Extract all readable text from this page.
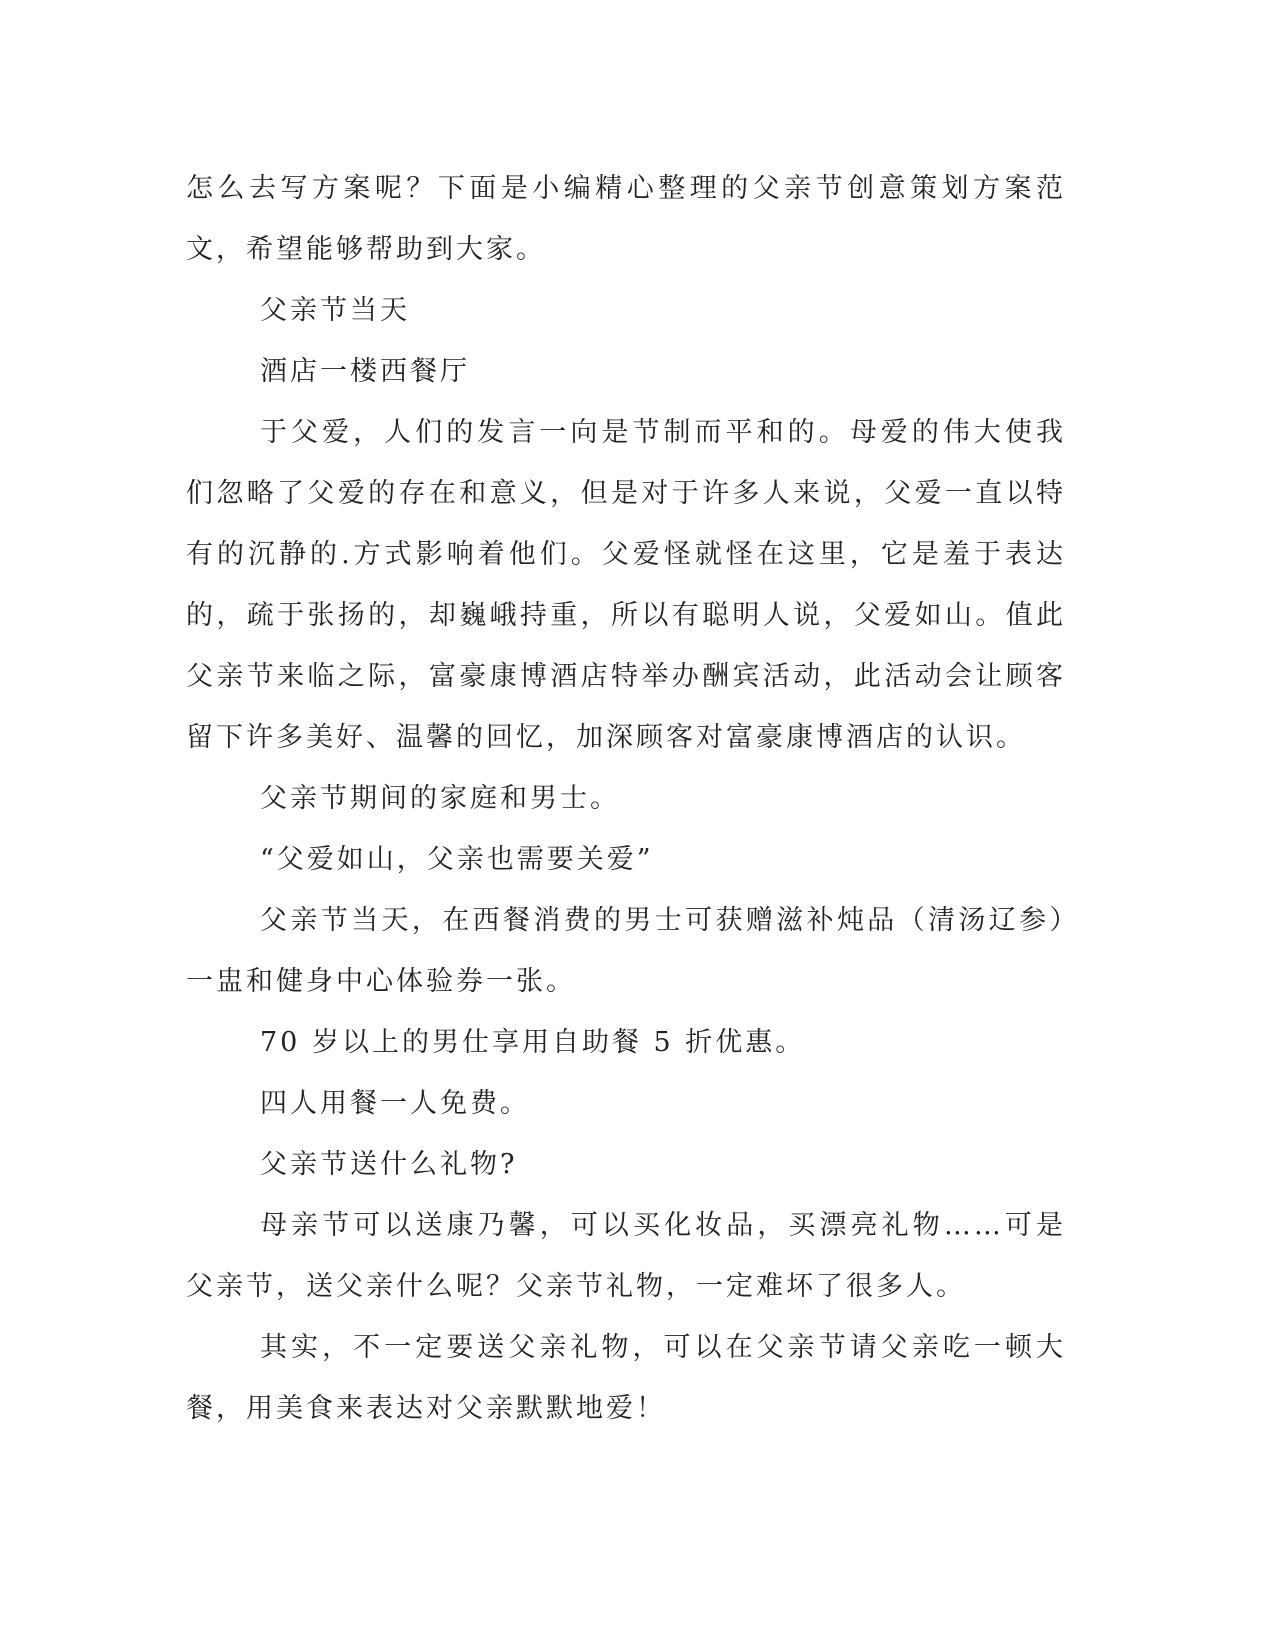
怎么去写方案呢？下面是小编精心整理的父亲节创意策划方案范文，希望能够帮助到大家。

父亲节当天

酒店一楼西餐厅

于父爱，人们的发言一向是节制而平和的。母爱的伟大使我们忽略了父爱的存在和意义，但是对于许多人来说，父爱一直以特有的沉静的.方式影响着他们。父爱怪就怪在这里，它是羞于表达的，疏于张扬的，却巍峨持重，所以有聪明人说，父爱如山。值此父亲节来临之际，富豪康博酒店特举办酬宾活动，此活动会让顾客留下许多美好、温馨的回忆，加深顾客对富豪康博酒店的认识。

父亲节期间的家庭和男士。

“父爱如山，父亲也需要关爱”

父亲节当天，在西餐消费的男士可获赠滋补炖品（清汤辽参）一盅和健身中心体验券一张。

70 岁以上的男仕享用自助餐 5 折优惠。

四人用餐一人免费。

父亲节送什么礼物?

母亲节可以送康乃馨，可以买化妆品，买漂亮礼物……可是父亲节，送父亲什么呢？父亲节礼物，一定难坏了很多人。

其实，不一定要送父亲礼物，可以在父亲节请父亲吃一顿大餐，用美食来表达对父亲默默地爱！
